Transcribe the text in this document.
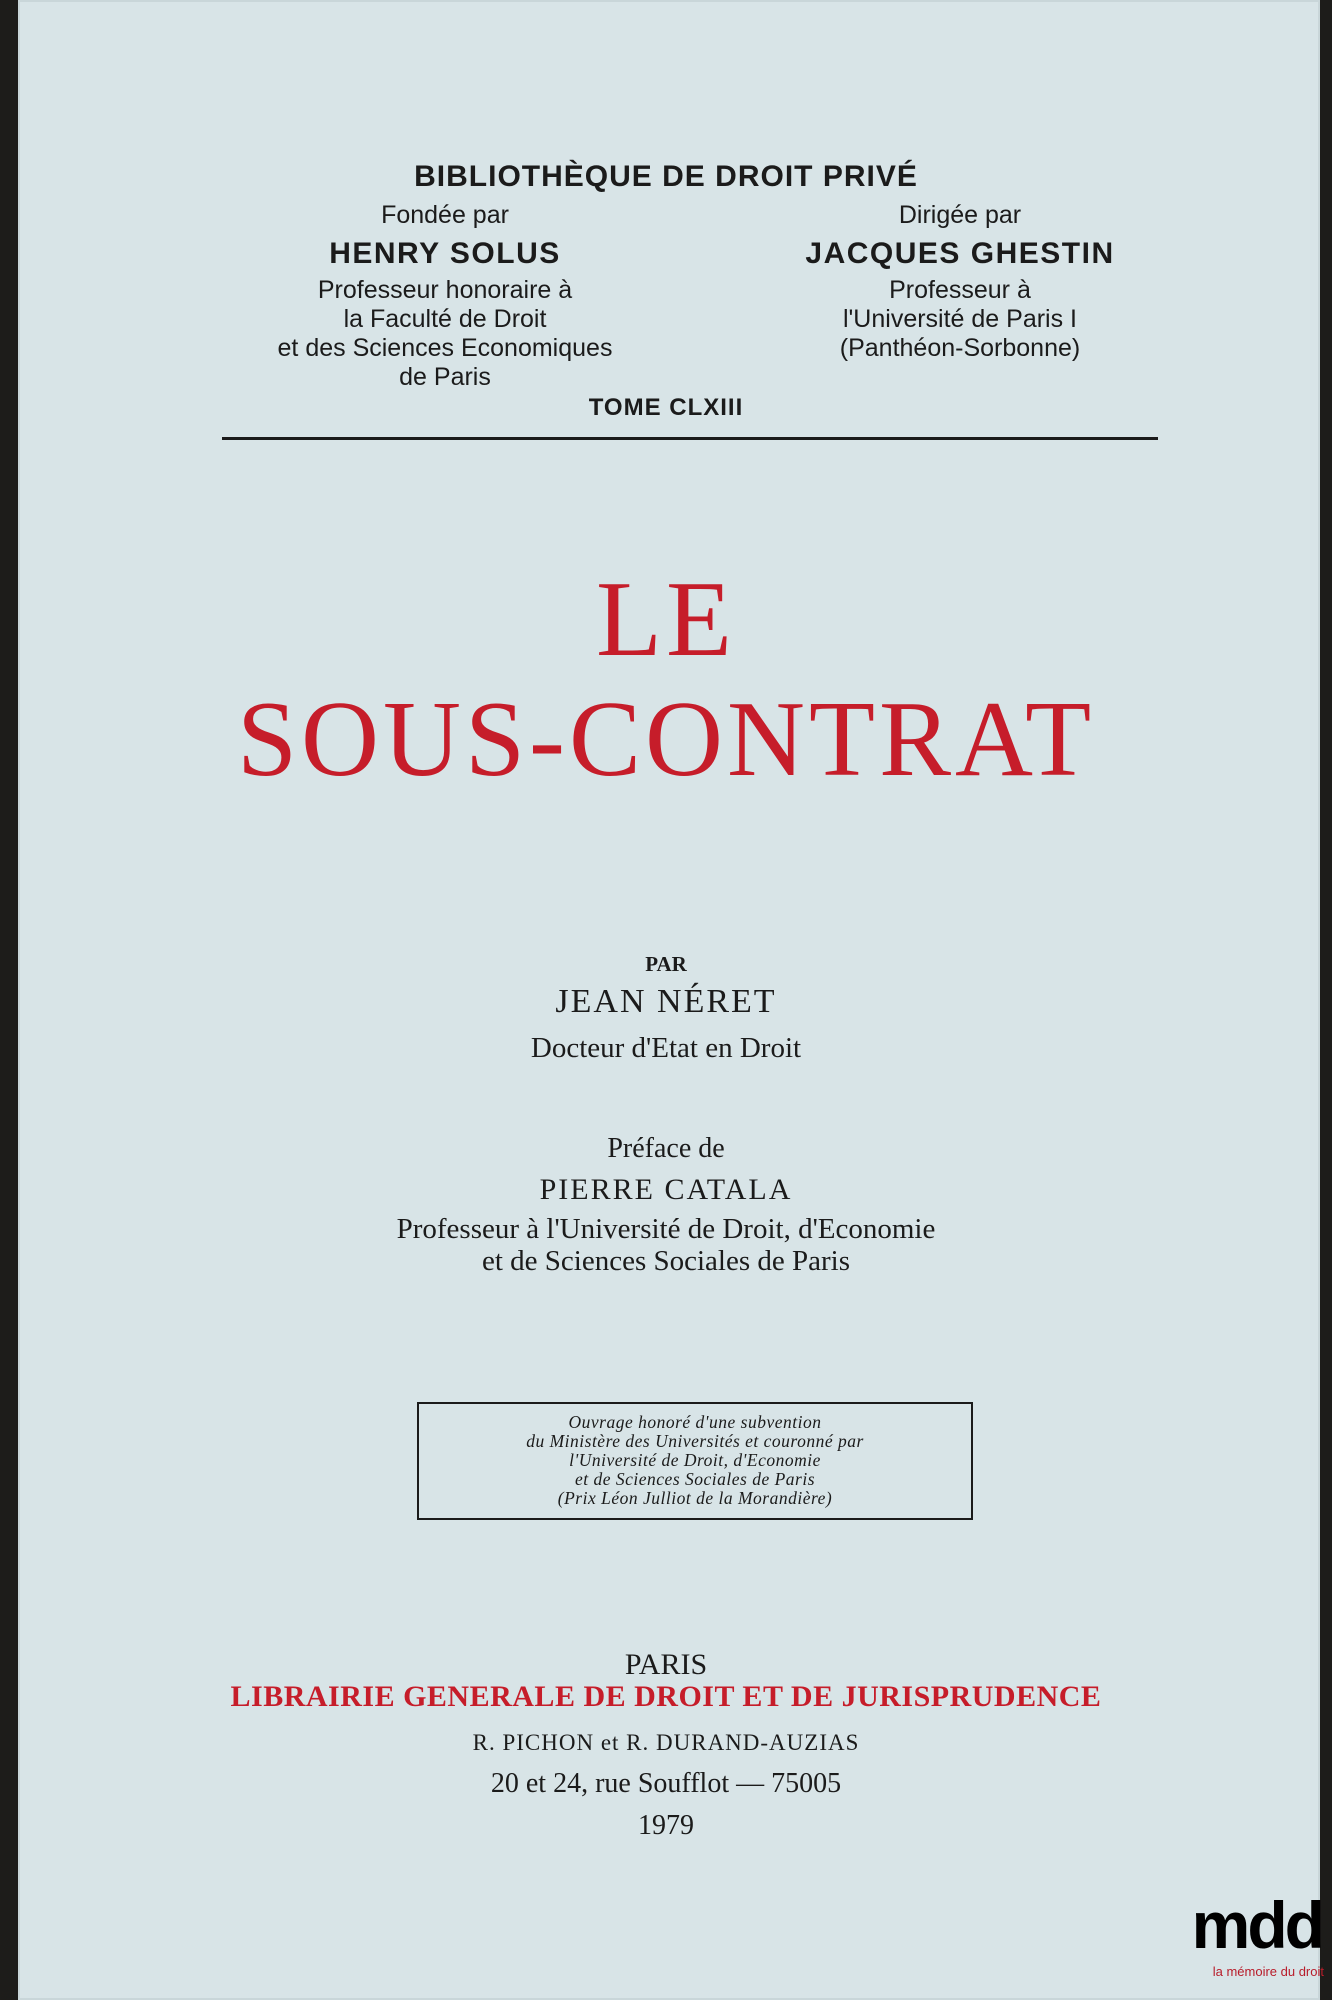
BIBLIOTHÈQUE DE DROIT PRIVÉ
Fondée par
HENRY SOLUS
Professeur honoraire à
la Faculté de Droit
et des Sciences Economiques
de Paris
Dirigée par
JACQUES GHESTIN
Professeur à
l'Université de Paris I
(Panthéon-Sorbonne)
TOME CLXIII
LE
SOUS-CONTRAT
PAR
JEAN NÉRET
Docteur d'Etat en Droit
Préface de
PIERRE CATALA
Professeur à l'Université de Droit, d'Economie
et de Sciences Sociales de Paris
Ouvrage honoré d'une subvention
du Ministère des Universités et couronné par
l'Université de Droit, d'Economie
et de Sciences Sociales de Paris
(Prix Léon Julliot de la Morandière)
PARIS
LIBRAIRIE GENERALE DE DROIT ET DE JURISPRUDENCE
R. PICHON et R. DURAND-AUZIAS
20 et 24, rue Soufflot — 75005
1979
mdd
la mémoire du droit
